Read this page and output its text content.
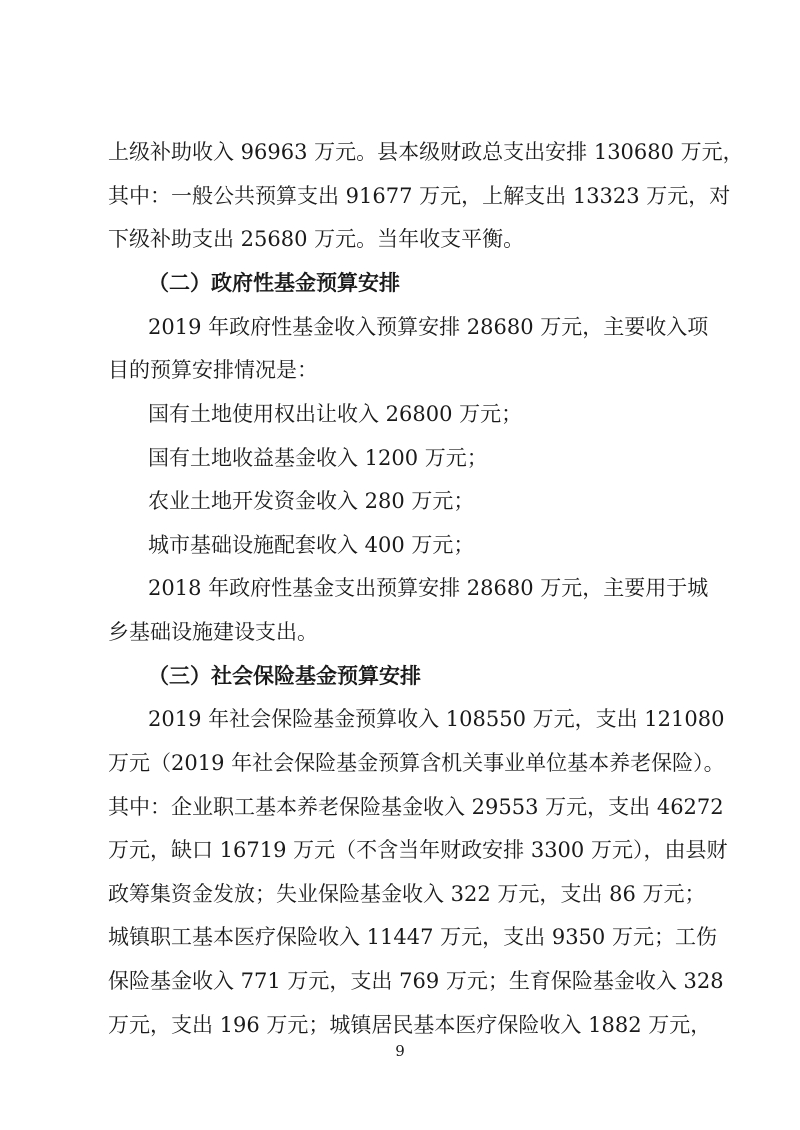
上级补助收入 96963 万元。县本级财政总支出安排 130680 万元，

其中：一般公共预算支出 91677 万元，上解支出 13323 万元，对

下级补助支出 25680 万元。当年收支平衡。

（二）政府性基金预算安排

2019 年政府性基金收入预算安排 28680 万元，主要收入项

目的预算安排情况是：

国有土地使用权出让收入 26800 万元；

国有土地收益基金收入 1200 万元；

农业土地开发资金收入 280 万元；

城市基础设施配套收入 400 万元；

2018 年政府性基金支出预算安排 28680 万元，主要用于城

乡基础设施建设支出。

（三）社会保险基金预算安排

2019 年社会保险基金预算收入 108550 万元，支出 121080

万元（2019 年社会保险基金预算含机关事业单位基本养老保险）。

其中：企业职工基本养老保险基金收入 29553 万元，支出 46272

万元，缺口 16719 万元（不含当年财政安排 3300 万元），由县财

政筹集资金发放；失业保险基金收入 322 万元，支出 86 万元；

城镇职工基本医疗保险收入 11447 万元，支出 9350 万元；工伤

保险基金收入 771 万元，支出 769 万元；生育保险基金收入 328

万元，支出 196 万元；城镇居民基本医疗保险收入 1882 万元，

9
